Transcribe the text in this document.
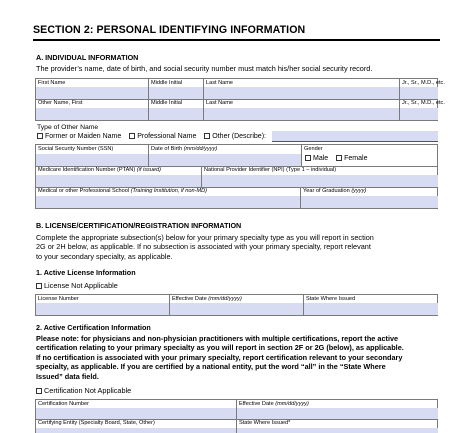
SECTION 2: PERSONAL IDENTIFYING INFORMATION
A. INDIVIDUAL INFORMATION
The provider’s name, date of birth, and social security number must match his/her social security record.
First Name	Middle Initial	Last Name	Jr., Sr., M.D., etc.
Other Name, First	Middle Initial	Last Name	Jr., Sr., M.D., etc.
Type of Other Name
Former or Maiden Name Professional Name Other (Describe):
Social Security Number (SSN)	Date of Birth (mm/dd/yyyy)	Gender
Male Female
Medicare Identification Number (PTAN) (if issued)	National Provider Identifier (NPI) (Type 1 – individual)
Medical or other Professional School (Training Institution, if non-MD)	Year of Graduation (yyyy)
B. LICENSE/CERTIFICATION/REGISTRATION INFORMATION
Complete the appropriate subsection(s) below for your primary specialty type as you will report in section
2G or 2H below, as applicable. If no subsection is associated with your primary specialty, report relevant
to your secondary specialty, as applicable.
1. Active License Information
License Not Applicable
License Number	Effective Date (mm/dd/yyyy)	State Where Issued
2. Active Certification Information
Please note: for physicians and non-physician practitioners with multiple certifications, report the active
certification relating to your primary specialty as you will report in section 2F or 2G (below), as applicable.
If no certification is associated with your primary specialty, report certification relevant to your secondary
specialty, as applicable. If you are certified by a national entity, put the word “all” in the “State Where
Issued” data field.
Certification Not Applicable
Certification Number	Effective Date (mm/dd/yyyy)
Certifying Entity (Specialty Board, State, Other)	State Where Issued*
